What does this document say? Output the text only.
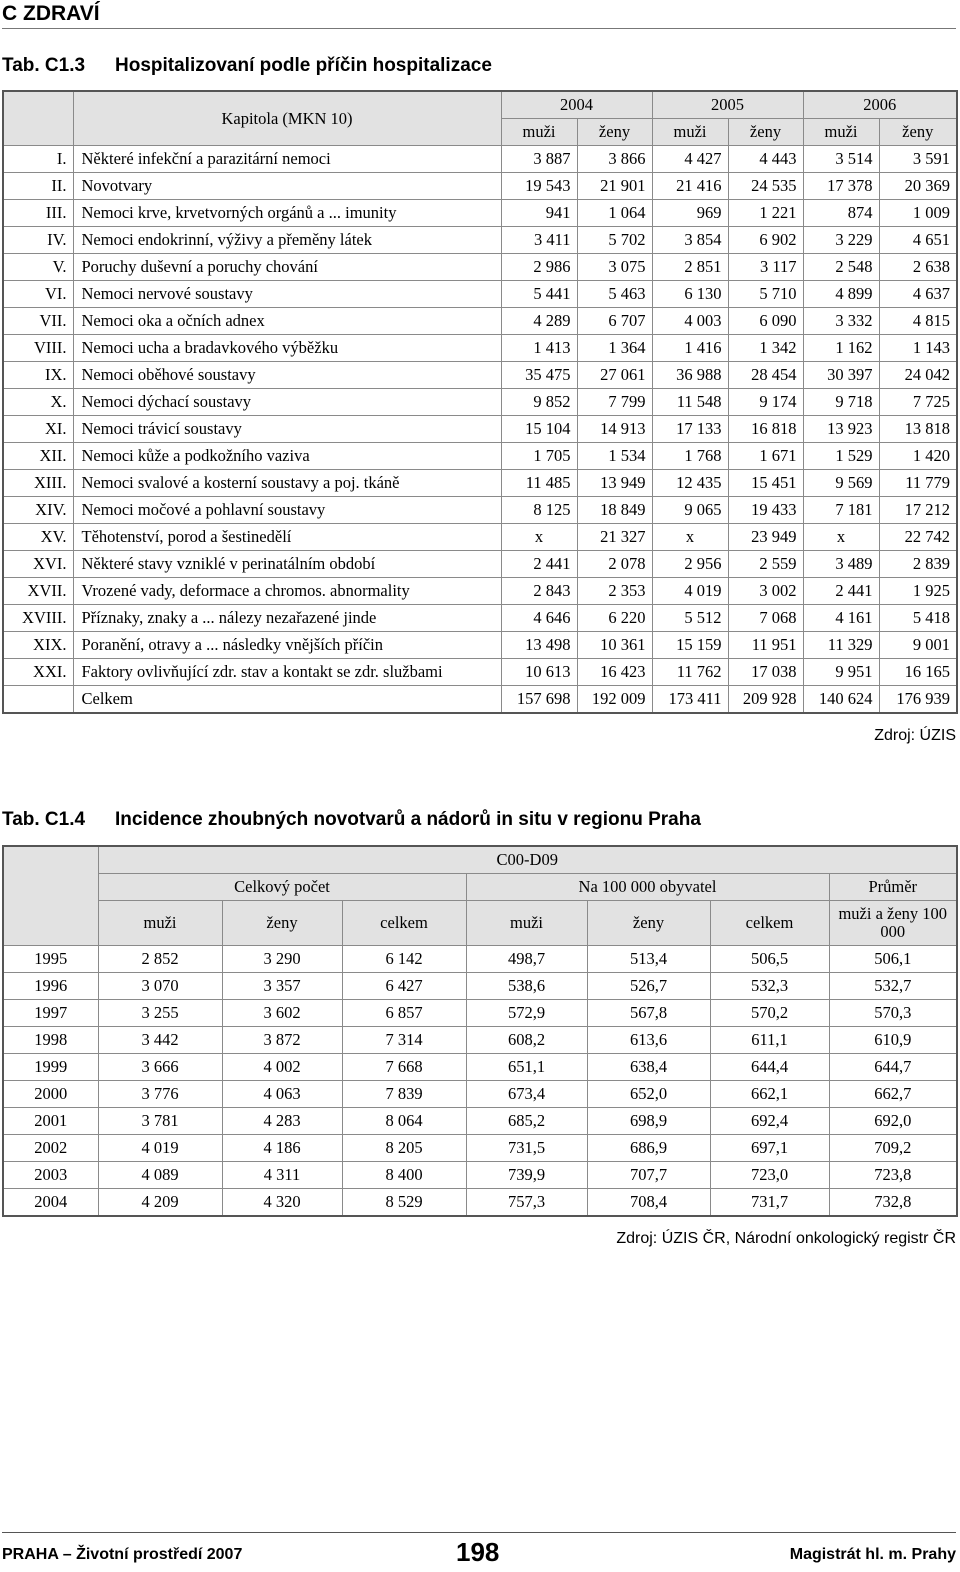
C ZDRAVÍ
Tab. C1.3 Hospitalizovaní podle příčin hospitalizace
	Kapitola (MKN 10)	2004		2005		2006	
		muži	ženy	muži	ženy	muži	ženy
I.	Některé infekční a parazitární nemoci	3 887	3 866	4 427	4 443	3 514	3 591
II.	Novotvary	19 543	21 901	21 416	24 535	17 378	20 369
III.	Nemoci krve, krvetvorných orgánů a ... imunity	941	1 064	969	1 221	874	1 009
IV.	Nemoci endokrinní, výživy a přeměny látek	3 411	5 702	3 854	6 902	3 229	4 651
V.	Poruchy duševní a poruchy chování	2 986	3 075	2 851	3 117	2 548	2 638
VI.	Nemoci nervové soustavy	5 441	5 463	6 130	5 710	4 899	4 637
VII.	Nemoci oka a očních adnex	4 289	6 707	4 003	6 090	3 332	4 815
VIII.	Nemoci ucha a bradavkového výběžku	1 413	1 364	1 416	1 342	1 162	1 143
IX.	Nemoci oběhové soustavy	35 475	27 061	36 988	28 454	30 397	24 042
X.	Nemoci dýchací soustavy	9 852	7 799	11 548	9 174	9 718	7 725
XI.	Nemoci trávicí soustavy	15 104	14 913	17 133	16 818	13 923	13 818
XII.	Nemoci kůže a podkožního vaziva	1 705	1 534	1 768	1 671	1 529	1 420
XIII.	Nemoci svalové a kosterní soustavy a poj. tkáně	11 485	13 949	12 435	15 451	9 569	11 779
XIV.	Nemoci močové a pohlavní soustavy	8 125	18 849	9 065	19 433	7 181	17 212
XV.	Těhotenství, porod a šestinedělí	x	21 327	x	23 949	x	22 742
XVI.	Některé stavy vzniklé v perinatálním období	2 441	2 078	2 956	2 559	3 489	2 839
XVII.	Vrozené vady, deformace a chromos. abnormality	2 843	2 353	4 019	3 002	2 441	1 925
XVIII.	Příznaky, znaky a ... nálezy nezařazené jinde	4 646	6 220	5 512	7 068	4 161	5 418
XIX.	Poranění, otravy a ... následky vnějších příčin	13 498	10 361	15 159	11 951	11 329	9 001
XXI.	Faktory ovlivňující zdr. stav a kontakt se zdr. službami	10 613	16 423	11 762	17 038	9 951	16 165
	Celkem	157 698	192 009	173 411	209 928	140 624	176 939
Zdroj: ÚZIS
Tab. C1.4 Incidence zhoubných novotvarů a nádorů in situ v regionu Praha
	C00-D09						
	Celkový počet			Na 100 000 obyvatel			Průměr
	muži	ženy	celkem	muži	ženy	celkem	muži a ženy 100 000
1995	2 852	3 290	6 142	498,7	513,4	506,5	506,1
1996	3 070	3 357	6 427	538,6	526,7	532,3	532,7
1997	3 255	3 602	6 857	572,9	567,8	570,2	570,3
1998	3 442	3 872	7 314	608,2	613,6	611,1	610,9
1999	3 666	4 002	7 668	651,1	638,4	644,4	644,7
2000	3 776	4 063	7 839	673,4	652,0	662,1	662,7
2001	3 781	4 283	8 064	685,2	698,9	692,4	692,0
2002	4 019	4 186	8 205	731,5	686,9	697,1	709,2
2003	4 089	4 311	8 400	739,9	707,7	723,0	723,8
2004	4 209	4 320	8 529	757,3	708,4	731,7	732,8
Zdroj: ÚZIS ČR, Národní onkologický registr ČR
PRAHA – Životní prostředí 2007	198	Magistrát hl. m. Prahy
